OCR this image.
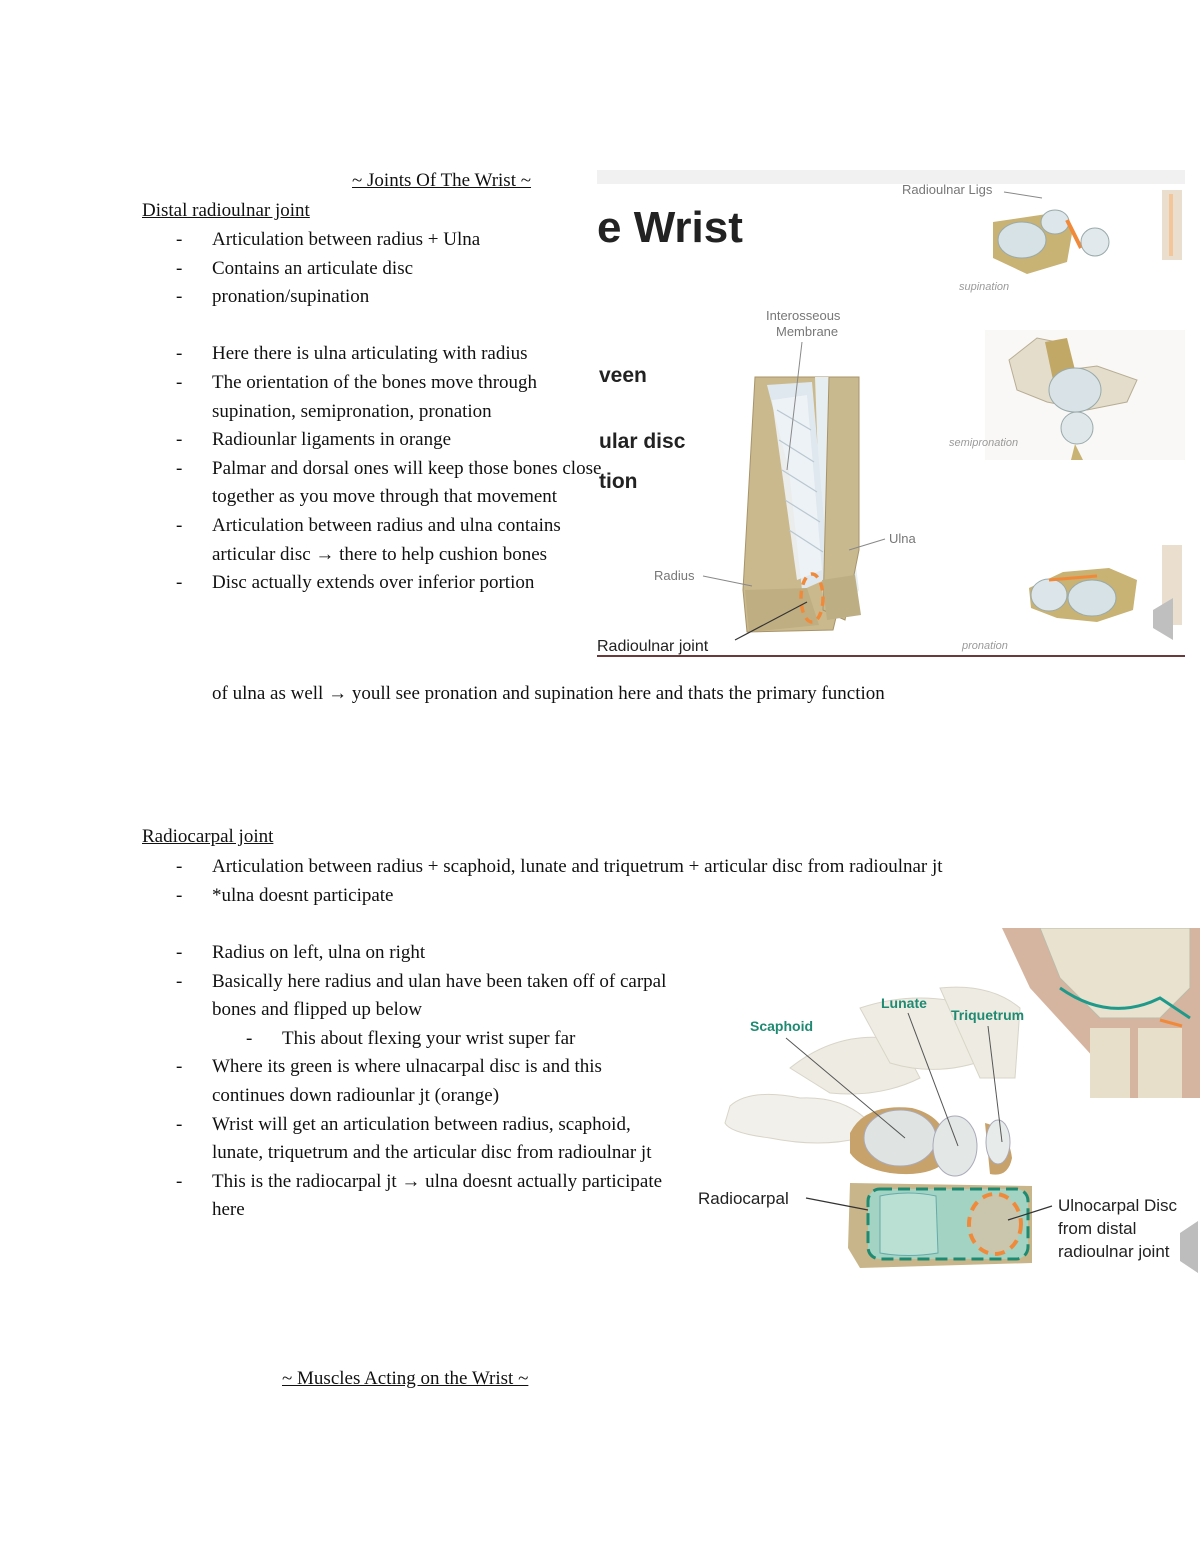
~ Joints Of The Wrist ~
e Wrist
veen
ular disc
tion
Radioulnar Ligs
Interosseous
Membrane
Ulna
Radius
Radioulnar joint
supination
semipronation
pronation
Distal radioulnar joint
- Articulation between radius + Ulna
- Contains an articulate disc
- pronation/supination
- Here there is ulna articulating with radius
- The orientation of the bones move through supination, semipronation, pronation
- Radiounlar ligaments in orange
- Palmar and dorsal ones will keep those bones close together as you move through that movement
- Articulation between radius and ulna contains articular disc → there to help cushion bones
- Disc actually extends over inferior portion
of ulna as well → youll see pronation and supination here and thats the primary function
Radiocarpal joint
- Articulation between radius + scaphoid, lunate and triquetrum + articular disc from radioulnar jt
- *ulna doesnt participate
- Radius on left, ulna on right
- Basically here radius and ulan have been taken off of carpal bones and flipped up below
- This about flexing your wrist super far
- Where its green is where ulnacarpal disc is and this continues down radiounlar jt (orange)
- Wrist will get an articulation between radius, scaphoid, lunate, triquetrum and the articular disc from radioulnar jt
- This is the radiocarpal jt → ulna doesnt actually participate here
Scaphoid
Lunate
Triquetrum
Radiocarpal	Ulnocarpal Disc
from distal
radioulnar joint
~ Muscles Acting on the Wrist ~
